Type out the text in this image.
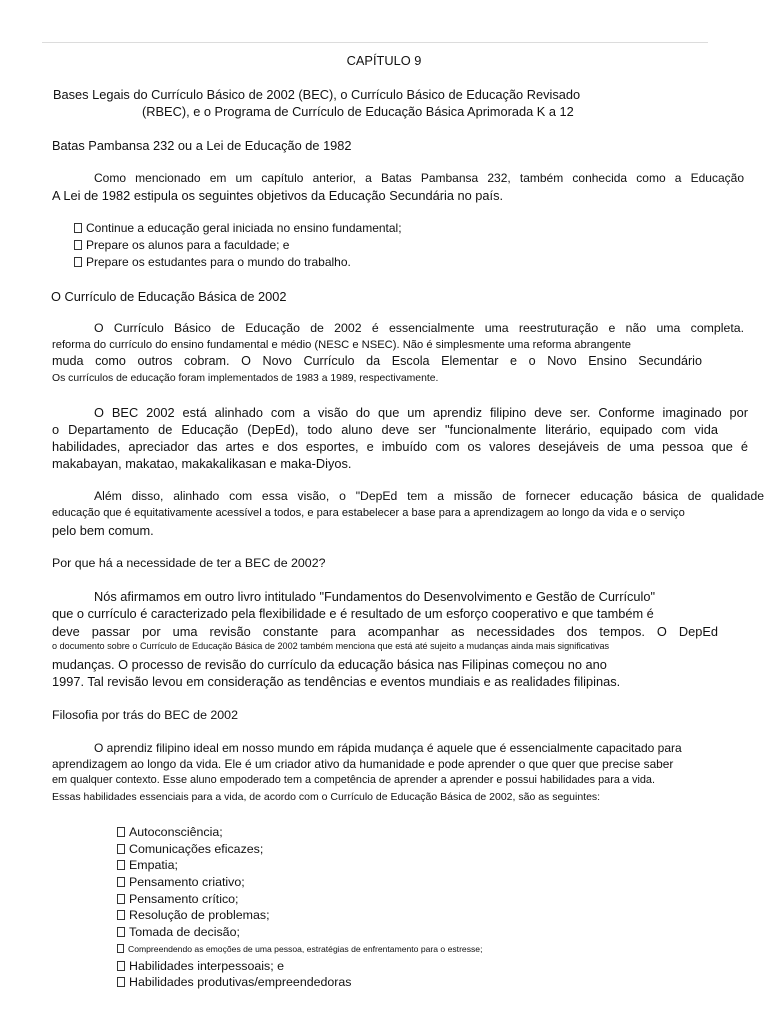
CAPÍTULO 9
Bases Legais do Currículo Básico de 2002 (BEC), o Currículo Básico de Educação Revisado
(RBEC), e o Programa de Currículo de Educação Básica Aprimorada K a 12
Batas Pambansa 232 ou a Lei de Educação de 1982
Como mencionado em um capítulo anterior, a Batas Pambansa 232, também conhecida como a Educação
A Lei de 1982 estipula os seguintes objetivos da Educação Secundária no país.
Continue a educação geral iniciada no ensino fundamental;
Prepare os alunos para a faculdade; e
Prepare os estudantes para o mundo do trabalho.
O Currículo de Educação Básica de 2002
O Currículo Básico de Educação de 2002 é essencialmente uma reestruturação e não uma completa.
reforma do currículo do ensino fundamental e médio (NESC e NSEC). Não é simplesmente uma reforma abrangente
muda como outros cobram. O Novo Currículo da Escola Elementar e o Novo Ensino Secundário
Os currículos de educação foram implementados de 1983 a 1989, respectivamente.
O BEC 2002 está alinhado com a visão do que um aprendiz filipino deve ser. Conforme imaginado por
o Departamento de Educação (DepEd), todo aluno deve ser "funcionalmente literário, equipado com vida
habilidades, apreciador das artes e dos esportes, e imbuído com os valores desejáveis de uma pessoa que é
makabayan, makatao, makakalikasan e maka-Diyos.
Além disso, alinhado com essa visão, o "DepEd tem a missão de fornecer educação básica de qualidade
educação que é equitativamente acessível a todos, e para estabelecer a base para a aprendizagem ao longo da vida e o serviço
pelo bem comum.
Por que há a necessidade de ter a BEC de 2002?
Nós afirmamos em outro livro intitulado "Fundamentos do Desenvolvimento e Gestão de Currículo"
que o currículo é caracterizado pela flexibilidade e é resultado de um esforço cooperativo e que também é
deve passar por uma revisão constante para acompanhar as necessidades dos tempos. O DepEd
o documento sobre o Currículo de Educação Básica de 2002 também menciona que está até sujeito a mudanças ainda mais significativas
mudanças. O processo de revisão do currículo da educação básica nas Filipinas começou no ano
1997. Tal revisão levou em consideração as tendências e eventos mundiais e as realidades filipinas.
Filosofia por trás do BEC de 2002
O aprendiz filipino ideal em nosso mundo em rápida mudança é aquele que é essencialmente capacitado para
aprendizagem ao longo da vida. Ele é um criador ativo da humanidade e pode aprender o que quer que precise saber
em qualquer contexto. Esse aluno empoderado tem a competência de aprender a aprender e possui habilidades para a vida.
Essas habilidades essenciais para a vida, de acordo com o Currículo de Educação Básica de 2002, são as seguintes:
Autoconsciência;
Comunicações eficazes;
Empatia;
Pensamento criativo;
Pensamento crítico;
Resolução de problemas;
Tomada de decisão;
Compreendendo as emoções de uma pessoa, estratégias de enfrentamento para o estresse;
Habilidades interpessoais; e
Habilidades produtivas/empreendedoras
